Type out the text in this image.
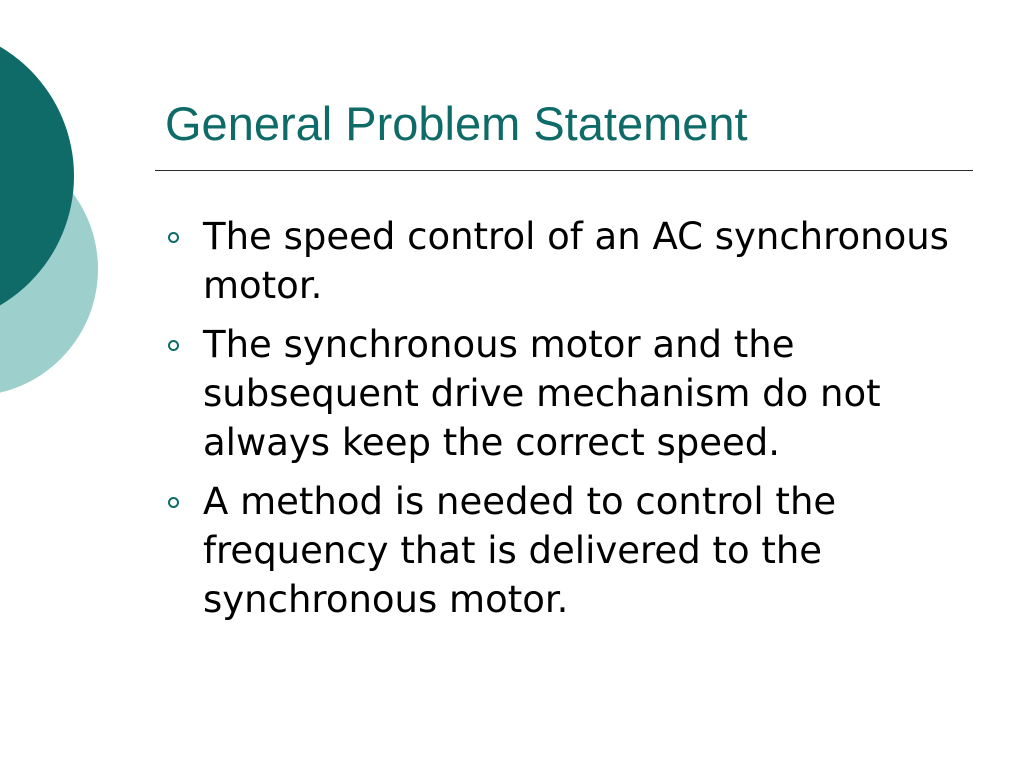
General Problem Statement
The speed control of an AC synchronous motor.
The synchronous motor and the subsequent drive mechanism do not always keep the correct speed.
A method is needed to control the frequency that is delivered to the synchronous motor.
